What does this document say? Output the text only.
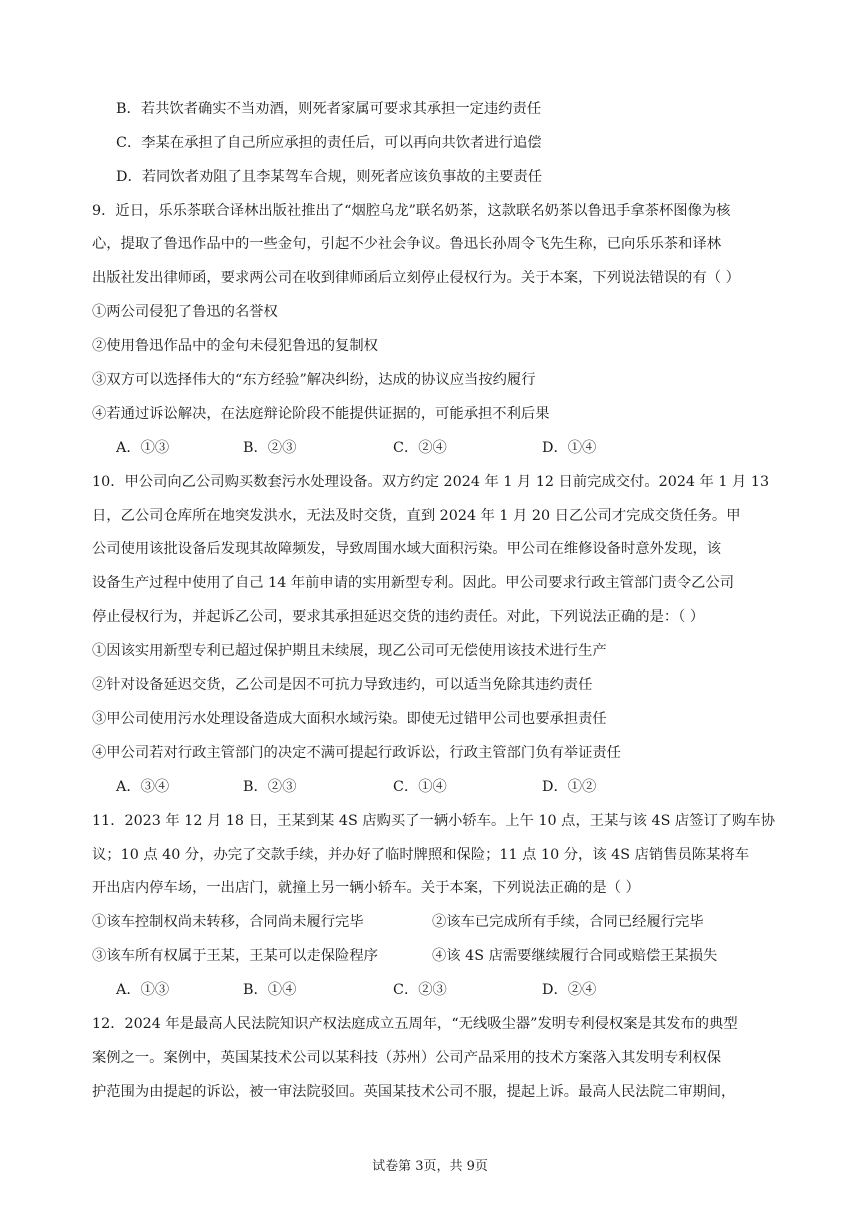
B．若共饮者确实不当劝酒，则死者家属可要求其承担一定违约责任
C．李某在承担了自己所应承担的责任后，可以再向共饮者进行追偿
D．若同饮者劝阻了且李某驾车合规，则死者应该负事故的主要责任
9．近日，乐乐茶联合译林出版社推出了“烟腔乌龙”联名奶茶，这款联名奶茶以鲁迅手拿茶杯图像为核
心，提取了鲁迅作品中的一些金句，引起不少社会争议。鲁迅长孙周令飞先生称，已向乐乐茶和译林
出版社发出律师函，要求两公司在收到律师函后立刻停止侵权行为。关于本案，下列说法错误的有（ ）
①两公司侵犯了鲁迅的名誉权
②使用鲁迅作品中的金句未侵犯鲁迅的复制权
③双方可以选择伟大的“东方经验”解决纠纷，达成的协议应当按约履行
④若通过诉讼解决，在法庭辩论阶段不能提供证据的，可能承担不利后果
A．①③	B．②③	C．②④	D．①④
10．甲公司向乙公司购买数套污水处理设备。双方约定 2024 年 1 月 12 日前完成交付。2024 年 1 月 13
日，乙公司仓库所在地突发洪水，无法及时交货，直到 2024 年 1 月 20 日乙公司才完成交货任务。甲
公司使用该批设备后发现其故障频发，导致周围水域大面积污染。甲公司在维修设备时意外发现，该
设备生产过程中使用了自己 14 年前申请的实用新型专利。因此。甲公司要求行政主管部门责令乙公司
停止侵权行为，并起诉乙公司，要求其承担延迟交货的违约责任。对此，下列说法正确的是：（ ）
①因该实用新型专利已超过保护期且未续展，现乙公司可无偿使用该技术进行生产
②针对设备延迟交货，乙公司是因不可抗力导致违约，可以适当免除其违约责任
③甲公司使用污水处理设备造成大面积水域污染。即使无过错甲公司也要承担责任
④甲公司若对行政主管部门的决定不满可提起行政诉讼，行政主管部门负有举证责任
A．③④	B．②③	C．①④	D．①②
11．2023 年 12 月 18 日，王某到某 4S 店购买了一辆小轿车。上午 10 点，王某与该 4S 店签订了购车协
议；10 点 40 分，办完了交款手续，并办好了临时牌照和保险；11 点 10 分，该 4S 店销售员陈某将车
开出店内停车场，一出店门，就撞上另一辆小轿车。关于本案，下列说法正确的是（ ）
①该车控制权尚未转移，合同尚未履行完毕	②该车已完成所有手续，合同已经履行完毕
③该车所有权属于王某，王某可以走保险程序	④该 4S 店需要继续履行合同或赔偿王某损失
A．①③	B．①④	C．②③	D．②④
12．2024 年是最高人民法院知识产权法庭成立五周年，“无线吸尘器”发明专利侵权案是其发布的典型
案例之一。案例中，英国某技术公司以某科技（苏州）公司产品采用的技术方案落入其发明专利权保
护范围为由提起的诉讼，被一审法院驳回。英国某技术公司不服，提起上诉。最高人民法院二审期间，
试卷第 3页，共 9页
